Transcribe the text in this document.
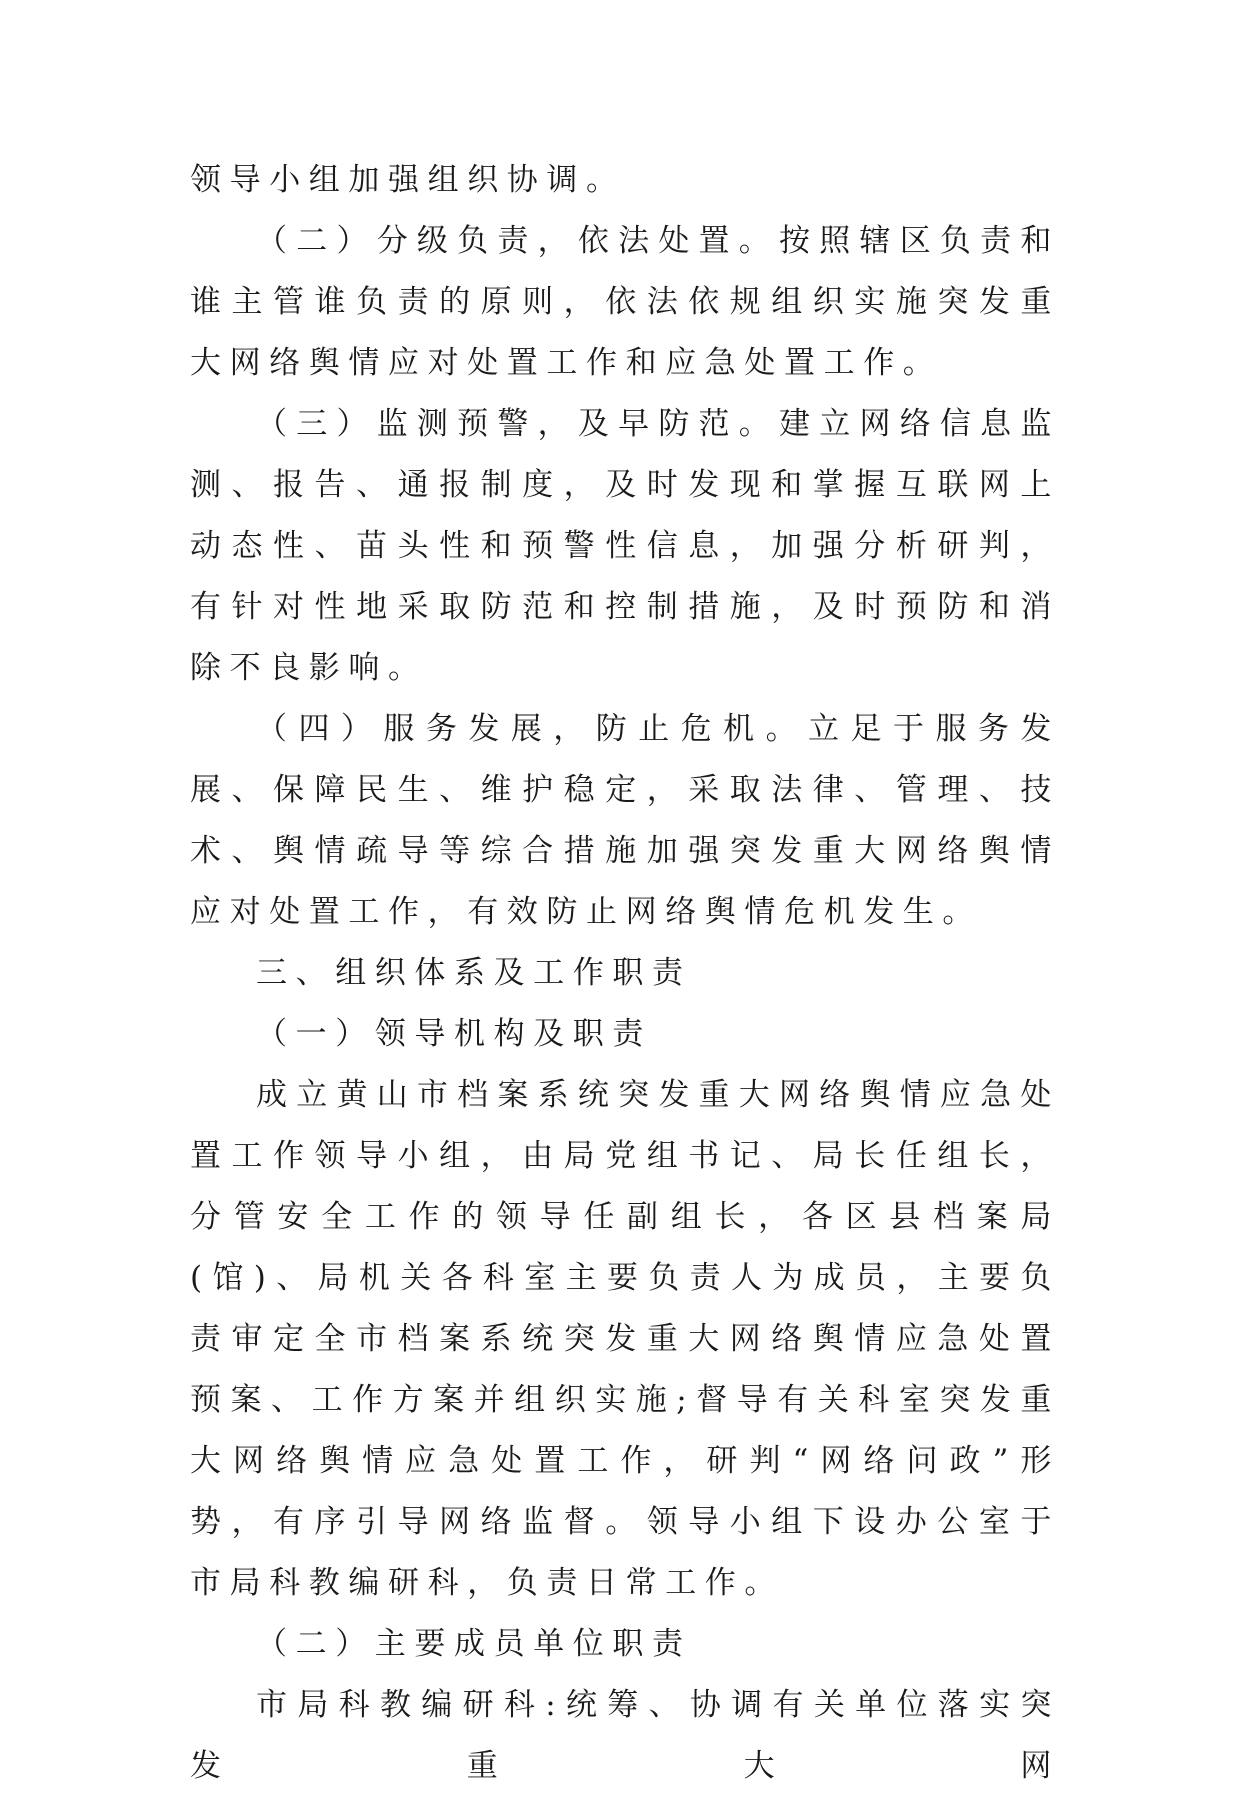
领导小组加强组织协调。

（二）分级负责，依法处置。按照辖区负责和谁主管谁负责的原则，依法依规组织实施突发重大网络舆情应对处置工作和应急处置工作。

（三）监测预警，及早防范。建立网络信息监测、报告、通报制度，及时发现和掌握互联网上动态性、苗头性和预警性信息，加强分析研判，有针对性地采取防范和控制措施，及时预防和消除不良影响。

（四）服务发展，防止危机。立足于服务发展、保障民生、维护稳定，采取法律、管理、技术、舆情疏导等综合措施加强突发重大网络舆情应对处置工作，有效防止网络舆情危机发生。

三、组织体系及工作职责

（一）领导机构及职责

成立黄山市档案系统突发重大网络舆情应急处置工作领导小组，由局党组书记、局长任组长，分管安全工作的领导任副组长，各区县档案局(馆)、局机关各科室主要负责人为成员，主要负责审定全市档案系统突发重大网络舆情应急处置预案、工作方案并组织实施;督导有关科室突发重大网络舆情应急处置工作，研判“网络问政”形势，有序引导网络监督。领导小组下设办公室于市局科教编研科，负责日常工作。

（二）主要成员单位职责

市局科教编研科:统筹、协调有关单位落实突发重大网
